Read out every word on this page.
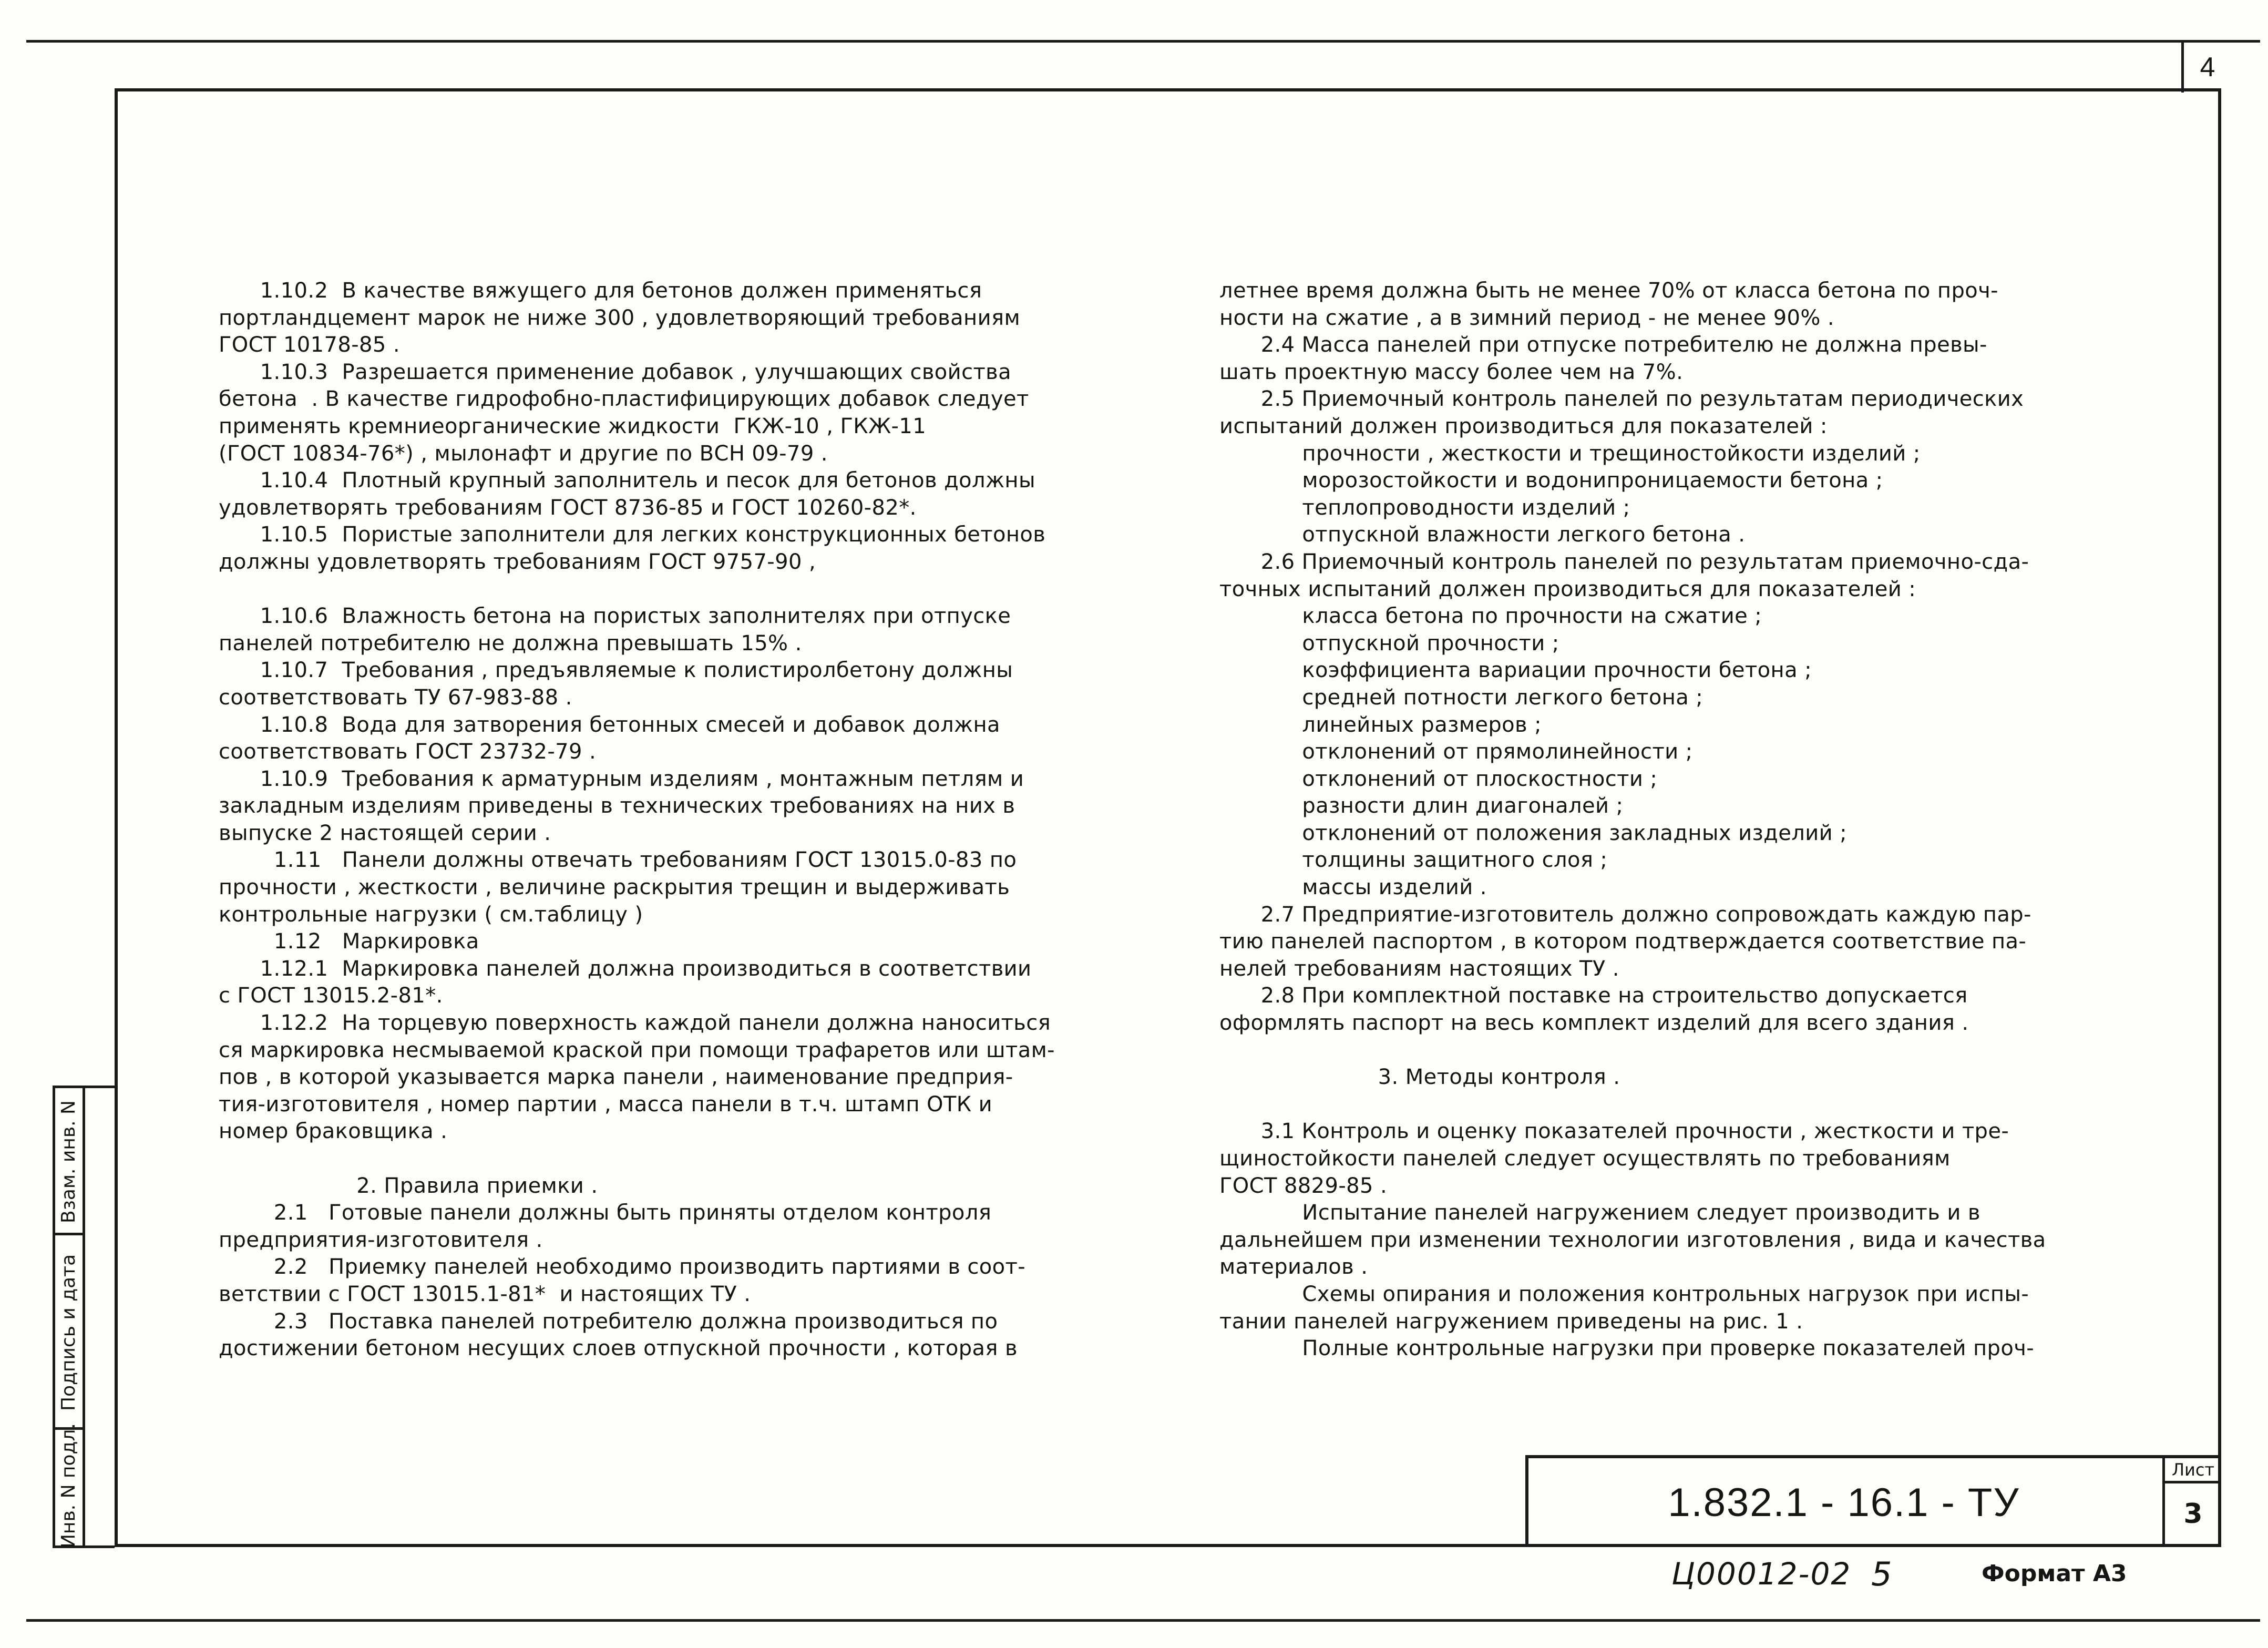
4
1.10.2  В качестве вяжущего для бетонов должен применяться
портландцемент марок не ниже 300 , удовлетворяющий требованиям
ГОСТ 10178-85 .
1.10.3  Разрешается применение добавок , улучшающих свойства
бетона  . В качестве гидрофобно-пластифицирующих добавок следует
применять кремниеорганические жидкости  ГКЖ-10 , ГКЖ-11
(ГОСТ 10834-76*) , мылонафт и другие по ВСН 09-79 .
1.10.4  Плотный крупный заполнитель и песок для бетонов должны
удовлетворять требованиям ГОСТ 8736-85 и ГОСТ 10260-82*.
1.10.5  Пористые заполнители для легких конструкционных бетонов
должны удовлетворять требованиям ГОСТ 9757-90 ,
1.10.6  Влажность бетона на пористых заполнителях при отпуске
панелей потребителю не должна превышать 15% .
1.10.7  Требования , предъявляемые к полистиролбетону должны
соответствовать ТУ 67-983-88 .
1.10.8  Вода для затворения бетонных смесей и добавок должна
соответствовать ГОСТ 23732-79 .
1.10.9  Требования к арматурным изделиям , монтажным петлям и
закладным изделиям приведены в технических требованиях на них в
выпуске 2 настоящей серии .
1.11   Панели должны отвечать требованиям ГОСТ 13015.0-83 по
прочности , жесткости , величине раскрытия трещин и выдерживать
контрольные нагрузки ( см.таблицу )
1.12   Маркировка
1.12.1  Маркировка панелей должна производиться в соответствии
с ГОСТ 13015.2-81*.
1.12.2  На торцевую поверхность каждой панели должна наноситься
ся маркировка несмываемой краской при помощи трафаретов или штам-
пов , в которой указывается марка панели , наименование предприя-
тия-изготовителя , номер партии , масса панели в т.ч. штамп ОТК и
номер браковщика .
2. Правила приемки .
2.1   Готовые панели должны быть приняты отделом контроля
предприятия-изготовителя .
2.2   Приемку панелей необходимо производить партиями в соот-
ветствии с ГОСТ 13015.1-81*  и настоящих ТУ .
2.3   Поставка панелей потребителю должна производиться по
достижении бетоном несущих слоев отпускной прочности , которая в
летнее время должна быть не менее 70% от класса бетона по проч-
ности на сжатие , а в зимний период - не менее 90% .
2.4 Масса панелей при отпуске потребителю не должна превы-
шать проектную массу более чем на 7%.
2.5 Приемочный контроль панелей по результатам периодических
испытаний должен производиться для показателей :
прочности , жесткости и трещиностойкости изделий ;
морозостойкости и водонипроницаемости бетона ;
теплопроводности изделий ;
отпускной влажности легкого бетона .
2.6 Приемочный контроль панелей по результатам приемочно-сда-
точных испытаний должен производиться для показателей :
класса бетона по прочности на сжатие ;
отпускной прочности ;
коэффициента вариации прочности бетона ;
средней потности легкого бетона ;
линейных размеров ;
отклонений от прямолинейности ;
отклонений от плоскостности ;
разности длин диагоналей ;
отклонений от положения закладных изделий ;
толщины защитного слоя ;
массы изделий .
2.7 Предприятие-изготовитель должно сопровождать каждую пар-
тию панелей паспортом , в котором подтверждается соответствие па-
нелей требованиям настоящих ТУ .
2.8 При комплектной поставке на строительство допускается
оформлять паспорт на весь комплект изделий для всего здания .
3. Методы контроля .
3.1 Контроль и оценку показателей прочности , жесткости и тре-
щиностойкости панелей следует осуществлять по требованиям
ГОСТ 8829-85 .
Испытание панелей нагружением следует производить и в
дальнейшем при изменении технологии изготовления , вида и качества
материалов .
Схемы опирания и положения контрольных нагрузок при испы-
тании панелей нагружением приведены на рис. 1 .
Полные контрольные нагрузки при проверке показателей проч-
Взам. инв. N
Подпись и дата
Инв. N подл.	1.832.1 - 16.1 - ТУ
Лист
3
Ц00012-02 5	Формат А3
